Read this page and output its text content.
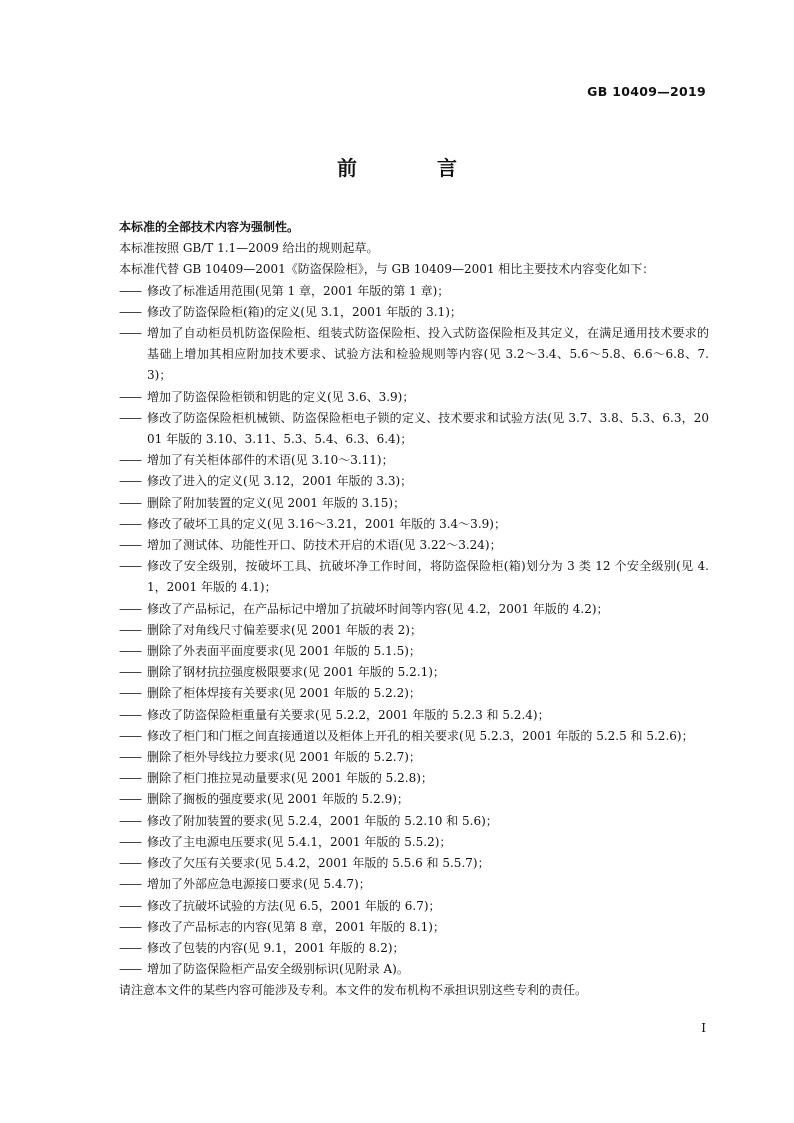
GB 10409—2019
前　言

本标准的全部技术内容为强制性。

本标准按照 GB/T 1.1—2009 给出的规则起草。

本标准代替 GB 10409—2001《防盗保险柜》，与 GB 10409—2001 相比主要技术内容变化如下：

—— 修改了标准适用范围(见第 1 章，2001 年版的第 1 章)；
—— 修改了防盗保险柜(箱)的定义(见 3.1，2001 年版的 3.1)；
—— 增加了自动柜员机防盗保险柜、组装式防盗保险柜、投入式防盗保险柜及其定义，在满足通用技术要求的基础上增加其相应附加技术要求、试验方法和检验规则等内容(见 3.2～3.4、5.6～5.8、6.6～6.8、7.3)；
—— 增加了防盗保险柜锁和钥匙的定义(见 3.6、3.9)；
—— 修改了防盗保险柜机械锁、防盗保险柜电子锁的定义、技术要求和试验方法(见 3.7、3.8、5.3、6.3，2001 年版的 3.10、3.11、5.3、5.4、6.3、6.4)；
—— 增加了有关柜体部件的术语(见 3.10～3.11)；
—— 修改了进入的定义(见 3.12，2001 年版的 3.3)；
—— 删除了附加装置的定义(见 2001 年版的 3.15)；
—— 修改了破坏工具的定义(见 3.16～3.21，2001 年版的 3.4～3.9)；
—— 增加了测试体、功能性开口、防技术开启的术语(见 3.22～3.24)；
—— 修改了安全级别，按破坏工具、抗破坏净工作时间，将防盗保险柜(箱)划分为 3 类 12 个安全级别(见 4.1，2001 年版的 4.1)；
—— 修改了产品标记，在产品标记中增加了抗破坏时间等内容(见 4.2，2001 年版的 4.2)；
—— 删除了对角线尺寸偏差要求(见 2001 年版的表 2)；
—— 删除了外表面平面度要求(见 2001 年版的 5.1.5)；
—— 删除了钢材抗拉强度极限要求(见 2001 年版的 5.2.1)；
—— 删除了柜体焊接有关要求(见 2001 年版的 5.2.2)；
—— 修改了防盗保险柜重量有关要求(见 5.2.2，2001 年版的 5.2.3 和 5.2.4)；
—— 修改了柜门和门框之间直接通道以及柜体上开孔的相关要求(见 5.2.3，2001 年版的 5.2.5 和 5.2.6)；
—— 删除了柜外导线拉力要求(见 2001 年版的 5.2.7)；
—— 删除了柜门推拉晃动量要求(见 2001 年版的 5.2.8)；
—— 删除了搁板的强度要求(见 2001 年版的 5.2.9)；
—— 修改了附加装置的要求(见 5.2.4，2001 年版的 5.2.10 和 5.6)；
—— 修改了主电源电压要求(见 5.4.1，2001 年版的 5.5.2)；
—— 修改了欠压有关要求(见 5.4.2，2001 年版的 5.5.6 和 5.5.7)；
—— 增加了外部应急电源接口要求(见 5.4.7)；
—— 修改了抗破坏试验的方法(见 6.5，2001 年版的 6.7)；
—— 修改了产品标志的内容(见第 8 章，2001 年版的 8.1)；
—— 修改了包装的内容(见 9.1，2001 年版的 8.2)；
—— 增加了防盗保险柜产品安全级别标识(见附录 A)。

请注意本文件的某些内容可能涉及专利。本文件的发布机构不承担识别这些专利的责任。

I
